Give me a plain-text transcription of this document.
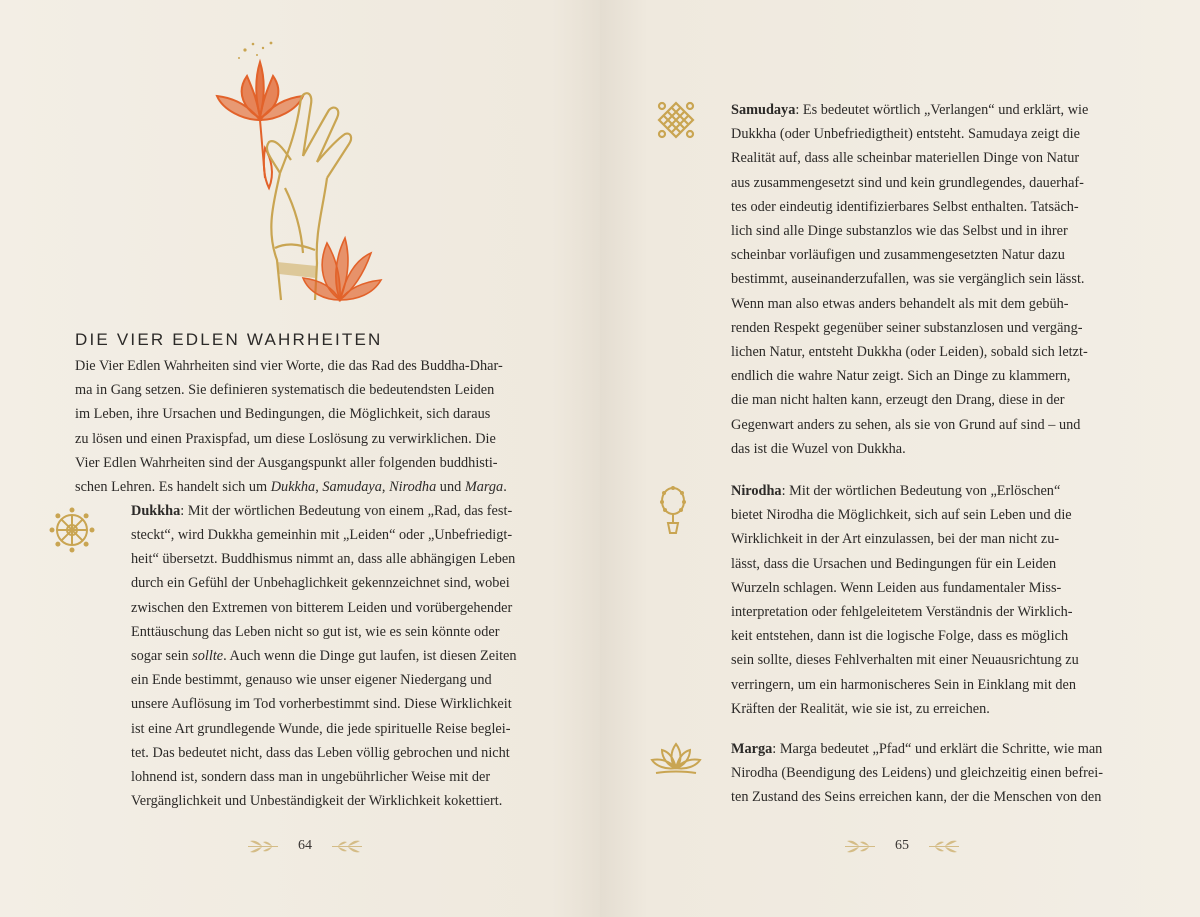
DIE VIER EDLEN WAHRHEITEN
Die Vier Edlen Wahrheiten sind vier Worte, die das Rad des Buddha-Dhar-
ma in Gang setzen. Sie definieren systematisch die bedeutendsten Leiden
im Leben, ihre Ursachen und Bedingungen, die Möglichkeit, sich daraus
zu lösen und einen Praxispfad, um diese Loslösung zu verwirklichen. Die
Vier Edlen Wahrheiten sind der Ausgangspunkt aller folgenden buddhisti-
schen Lehren. Es handelt sich um Dukkha, Samudaya, Nirodha und Marga.
Dukkha: Mit der wörtlichen Bedeutung von einem „Rad, das fest-
steckt“, wird Dukkha gemeinhin mit „Leiden“ oder „Unbefriedigt-
heit“ übersetzt. Buddhismus nimmt an, dass alle abhängigen Leben
durch ein Gefühl der Unbehaglichkeit gekennzeichnet sind, wobei
zwischen den Extremen von bitterem Leiden und vorübergehender
Enttäuschung das Leben nicht so gut ist, wie es sein könnte oder
sogar sein sollte. Auch wenn die Dinge gut laufen, ist diesen Zeiten
ein Ende bestimmt, genauso wie unser eigener Niedergang und
unsere Auflösung im Tod vorherbestimmt sind. Diese Wirklichkeit
ist eine Art grundlegende Wunde, die jede spirituelle Reise beglei-
tet. Das bedeutet nicht, dass das Leben völlig gebrochen und nicht
lohnend ist, sondern dass man in ungebührlicher Weise mit der
Vergänglichkeit und Unbeständigkeit der Wirklichkeit kokettiert.
64
Samudaya: Es bedeutet wörtlich „Verlangen“ und erklärt, wie
Dukkha (oder Unbefriedigtheit) entsteht. Samudaya zeigt die
Realität auf, dass alle scheinbar materiellen Dinge von Natur
aus zusammengesetzt sind und kein grundlegendes, dauerhaf-
tes oder eindeutig identifizierbares Selbst enthalten. Tatsäch-
lich sind alle Dinge substanzlos wie das Selbst und in ihrer
scheinbar vorläufigen und zusammengesetzten Natur dazu
bestimmt, auseinanderzufallen, was sie vergänglich sein lässt.
Wenn man also etwas anders behandelt als mit dem gebüh-
renden Respekt gegenüber seiner substanzlosen und vergäng-
lichen Natur, entsteht Dukkha (oder Leiden), sobald sich letzt-
endlich die wahre Natur zeigt. Sich an Dinge zu klammern,
die man nicht halten kann, erzeugt den Drang, diese in der
Gegenwart anders zu sehen, als sie von Grund auf sind – und
das ist die Wuzel von Dukkha.
Nirodha: Mit der wörtlichen Bedeutung von „Erlöschen“
bietet Nirodha die Möglichkeit, sich auf sein Leben und die
Wirklichkeit in der Art einzulassen, bei der man nicht zu-
lässt, dass die Ursachen und Bedingungen für ein Leiden
Wurzeln schlagen. Wenn Leiden aus fundamentaler Miss-
interpretation oder fehlgeleitetem Verständnis der Wirklich-
keit entstehen, dann ist die logische Folge, dass es möglich
sein sollte, dieses Fehlverhalten mit einer Neuausrichtung zu
verringern, um ein harmonischeres Sein in Einklang mit den
Kräften der Realität, wie sie ist, zu erreichen.
Marga: Marga bedeutet „Pfad“ und erklärt die Schritte, wie man
Nirodha (Beendigung des Leidens) und gleichzeitig einen befrei-
ten Zustand des Seins erreichen kann, der die Menschen von den
65
